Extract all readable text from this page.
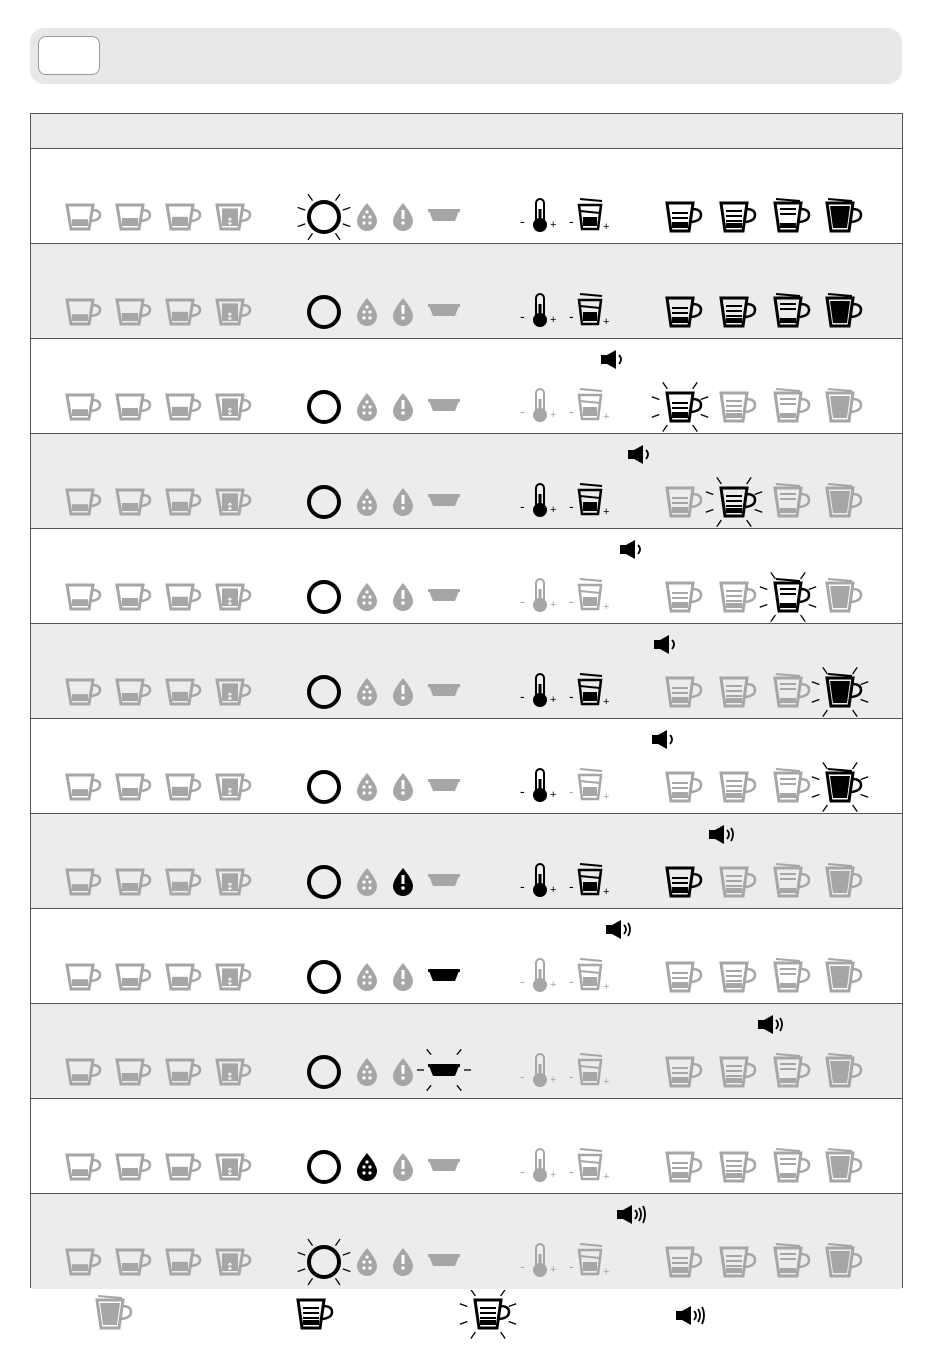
↕	- + -	+
↕	- + -	+
↕	- + -	+
↕	- + -	+
↕	- + -	+
↕	- + -	+
↕	- + -	+
↕	- + -	+
↕	- + -	+
↕	- + -	+
↕	- + -	+
↕	- + -	+
